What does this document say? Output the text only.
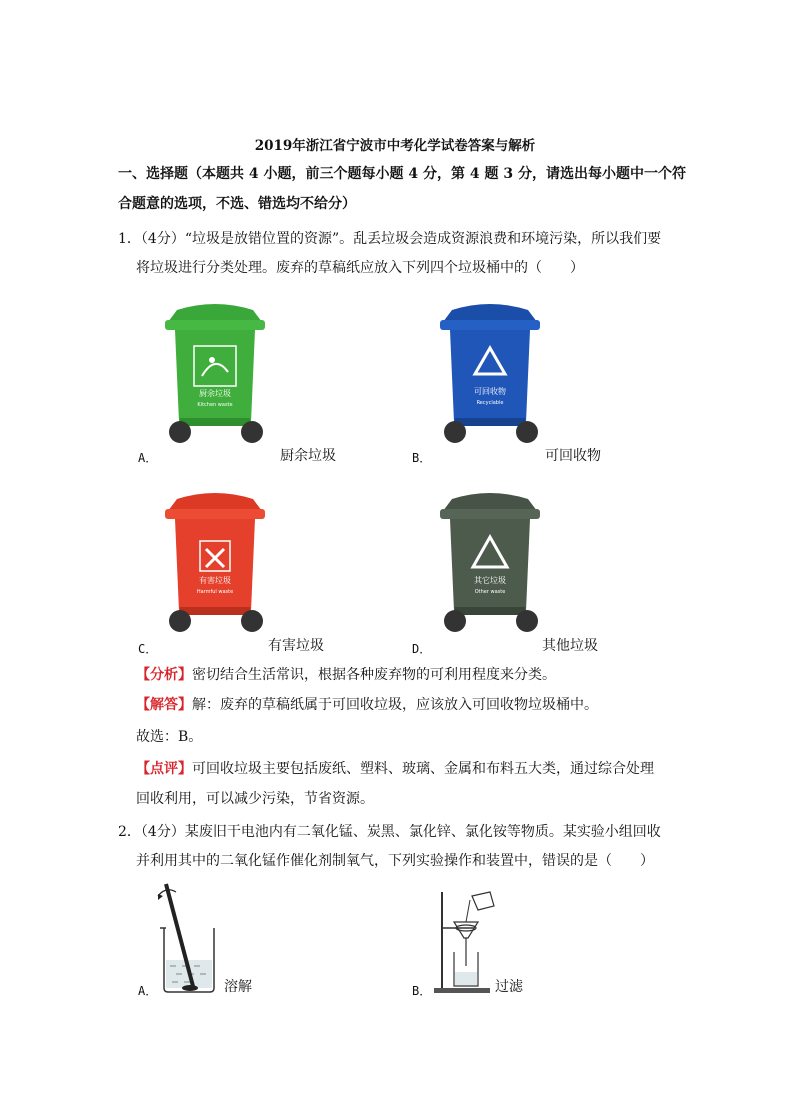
2019年浙江省宁波市中考化学试卷答案与解析
一、选择题（本题共 4 小题，前三个题每小题 4 分，第 4 题 3 分，请选出每小题中一个符
合题意的选项，不选、错选均不给分）
1．（4分）“垃圾是放错位置的资源”。乱丢垃圾会造成资源浪费和环境污染，所以我们要
将垃圾进行分类处理。废弃的草稿纸应放入下列四个垃圾桶中的（　　）
厨余垃圾
Kitchen waste
可回收物
Recyclable
A．	厨余垃圾	B．	可回收物
有害垃圾
Harmful waste
其它垃圾
Other waste
C．	有害垃圾	D．	其他垃圾
【分析】密切结合生活常识，根据各种废弃物的可利用程度来分类。
【解答】解：废弃的草稿纸属于可回收垃圾，应该放入可回收物垃圾桶中。
故选：B。
【点评】可回收垃圾主要包括废纸、塑料、玻璃、金属和布料五大类，通过综合处理
回收利用，可以减少污染，节省资源。
2．（4分）某废旧干电池内有二氧化锰、炭黑、氯化锌、氯化铵等物质。某实验小组回收
并利用其中的二氧化锰作催化剂制氧气，下列实验操作和装置中，错误的是（　　）
A．	溶解	B．	过滤
